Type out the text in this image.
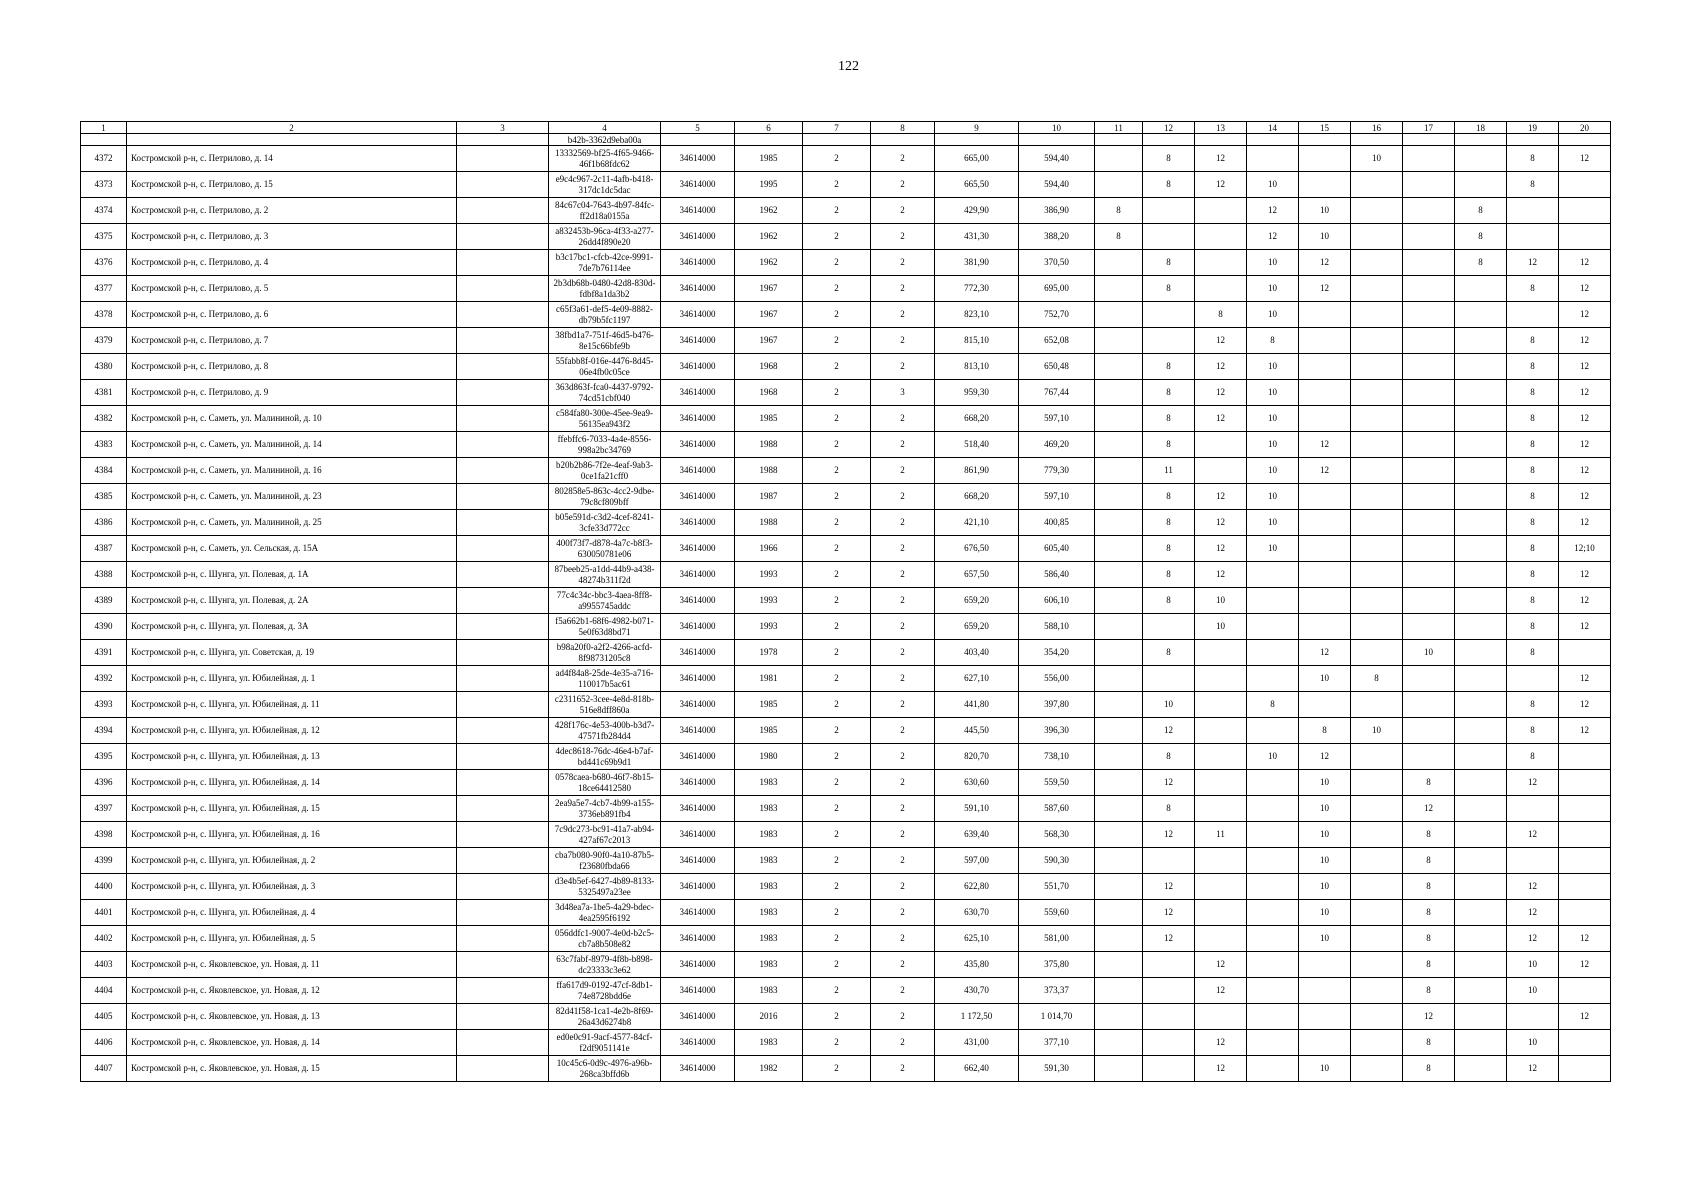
122
1	2	3	4	5	6	7	8	9	10	11	12	13	14	15	16	17	18	19	20
			b42b-3362d9eba00a																
4372	Костромской р-н, с. Петрилово, д. 14		13332569-bf25-4f65-9466-46f1b68fdc62	34614000	1985	2	2	665,00	594,40		8	12			10			8	12
4373	Костромской р-н, с. Петрилово, д. 15		e9c4c967-2c11-4afb-b418-317dc1dc5dac	34614000	1995	2	2	665,50	594,40		8	12	10					8	
4374	Костромской р-н, с. Петрилово, д. 2		84c67c04-7643-4b97-84fc-ff2d18a0155a	34614000	1962	2	2	429,90	386,90	8			12	10			8		
4375	Костромской р-н, с. Петрилово, д. 3		a832453b-96ca-4f33-a277-26dd4f890e20	34614000	1962	2	2	431,30	388,20	8			12	10			8		
4376	Костромской р-н, с. Петрилово, д. 4		b3c17bc1-cfcb-42ce-9991-7de7b76114ee	34614000	1962	2	2	381,90	370,50		8		10	12			8	12	12
4377	Костромской р-н, с. Петрилово, д. 5		2b3db68b-0480-42d8-830d-fdbf8a1da3b2	34614000	1967	2	2	772,30	695,00		8		10	12				8	12
4378	Костромской р-н, с. Петрилово, д. 6		c65f3a61-def5-4e09-8882-db79b5fc1197	34614000	1967	2	2	823,10	752,70			8	10						12
4379	Костромской р-н, с. Петрилово, д. 7		38fbd1a7-751f-46d5-b476-8e15c66bfe9b	34614000	1967	2	2	815,10	652,08			12	8					8	12
4380	Костромской р-н, с. Петрилово, д. 8		55fabb8f-016e-4476-8d45-06e4fb0c05ce	34614000	1968	2	2	813,10	650,48		8	12	10					8	12
4381	Костромской р-н, с. Петрилово, д. 9		363d863f-fca0-4437-9792-74cd51cbf040	34614000	1968	2	3	959,30	767,44		8	12	10					8	12
4382	Костромской р-н, с. Саметь, ул. Малининой, д. 10		c584fa80-300e-45ee-9ea9-56135ea943f2	34614000	1985	2	2	668,20	597,10		8	12	10					8	12
4383	Костромской р-н, с. Саметь, ул. Малининой, д. 14		ffebffc6-7033-4a4e-8556-998a2bc34769	34614000	1988	2	2	518,40	469,20		8		10	12				8	12
4384	Костромской р-н, с. Саметь, ул. Малининой, д. 16		b20b2b86-7f2e-4eaf-9ab3-0ce1fa21cff0	34614000	1988	2	2	861,90	779,30		11		10	12				8	12
4385	Костромской р-н, с. Саметь, ул. Малининой, д. 23		802858e5-863c-4cc2-9dbe-79c8cf809bff	34614000	1987	2	2	668,20	597,10		8	12	10					8	12
4386	Костромской р-н, с. Саметь, ул. Малининой, д. 25		b05e591d-c3d2-4cef-8241-3cfe33d772cc	34614000	1988	2	2	421,10	400,85		8	12	10					8	12
4387	Костромской р-н, с. Саметь, ул. Сельская, д. 15А		400f73f7-d878-4a7c-b8f3-630050781e06	34614000	1966	2	2	676,50	605,40		8	12	10					8	12;10
4388	Костромской р-н, с. Шунга, ул. Полевая, д. 1А		87beeb25-a1dd-44b9-a438-48274b311f2d	34614000	1993	2	2	657,50	586,40		8	12						8	12
4389	Костромской р-н, с. Шунга, ул. Полевая, д. 2А		77c4c34c-bbc3-4aea-8ff8-a9955745addc	34614000	1993	2	2	659,20	606,10		8	10						8	12
4390	Костромской р-н, с. Шунга, ул. Полевая, д. 3А		f5a662b1-68f6-4982-b071-5e0f63d8bd71	34614000	1993	2	2	659,20	588,10			10						8	12
4391	Костромской р-н, с. Шунга, ул. Советская, д. 19		b98a20f0-a2f2-4266-acfd-8f98731205c8	34614000	1978	2	2	403,40	354,20		8			12		10		8	
4392	Костромской р-н, с. Шунга, ул. Юбилейная, д. 1		ad4f84a8-25de-4e35-a716-110017b5ac61	34614000	1981	2	2	627,10	556,00					10	8				12
4393	Костромской р-н, с. Шунга, ул. Юбилейная, д. 11		c2311652-3cee-4e8d-818b-516e8dff860a	34614000	1985	2	2	441,80	397,80		10		8					8	12
4394	Костромской р-н, с. Шунга, ул. Юбилейная, д. 12		428f176c-4e53-400b-b3d7-47571fb284d4	34614000	1985	2	2	445,50	396,30		12			8	10			8	12
4395	Костромской р-н, с. Шунга, ул. Юбилейная, д. 13		4dec8618-76dc-46e4-b7af-bd441c69b9d1	34614000	1980	2	2	820,70	738,10		8		10	12				8	
4396	Костромской р-н, с. Шунга, ул. Юбилейная, д. 14		0578caea-b680-46f7-8b15-18ce64412580	34614000	1983	2	2	630,60	559,50		12			10		8		12	
4397	Костромской р-н, с. Шунга, ул. Юбилейная, д. 15		2ea9a5e7-4cb7-4b99-a155-3736eb891fb4	34614000	1983	2	2	591,10	587,60		8			10		12			
4398	Костромской р-н, с. Шунга, ул. Юбилейная, д. 16		7c9dc273-bc91-41a7-ab94-427af67c2013	34614000	1983	2	2	639,40	568,30		12	11		10		8		12	
4399	Костромской р-н, с. Шунга, ул. Юбилейная, д. 2		cba7b080-90f0-4a10-87b5-f23680fbda66	34614000	1983	2	2	597,00	590,30					10		8			
4400	Костромской р-н, с. Шунга, ул. Юбилейная, д. 3		d3e4b5ef-6427-4b89-8133-5325497a23ee	34614000	1983	2	2	622,80	551,70		12			10		8		12	
4401	Костромской р-н, с. Шунга, ул. Юбилейная, д. 4		3d48ea7a-1be5-4a29-bdec-4ea2595f6192	34614000	1983	2	2	630,70	559,60		12			10		8		12	
4402	Костромской р-н, с. Шунга, ул. Юбилейная, д. 5		056ddfc1-9007-4e0d-b2c5-cb7a8b508e82	34614000	1983	2	2	625,10	581,00		12			10		8		12	12
4403	Костромской р-н, с. Яковлевское, ул. Новая, д. 11		63c7fabf-8979-4f8b-b898-dc23333c3e62	34614000	1983	2	2	435,80	375,80			12				8		10	12
4404	Костромской р-н, с. Яковлевское, ул. Новая, д. 12		ffa617d9-0192-47cf-8db1-74e8728bdd6e	34614000	1983	2	2	430,70	373,37			12				8		10	
4405	Костромской р-н, с. Яковлевское, ул. Новая, д. 13		82d41f58-1ca1-4e2b-8f69-26a43d6274b8	34614000	2016	2	2	1 172,50	1 014,70							12			12
4406	Костромской р-н, с. Яковлевское, ул. Новая, д. 14		ed0e0c91-9acf-4577-84cf-f2df9051141e	34614000	1983	2	2	431,00	377,10			12				8		10	
4407	Костромской р-н, с. Яковлевское, ул. Новая, д. 15		10c45c6-0d9c-4976-a96b-268ca3bffd6b	34614000	1982	2	2	662,40	591,30			12		10		8		12	
